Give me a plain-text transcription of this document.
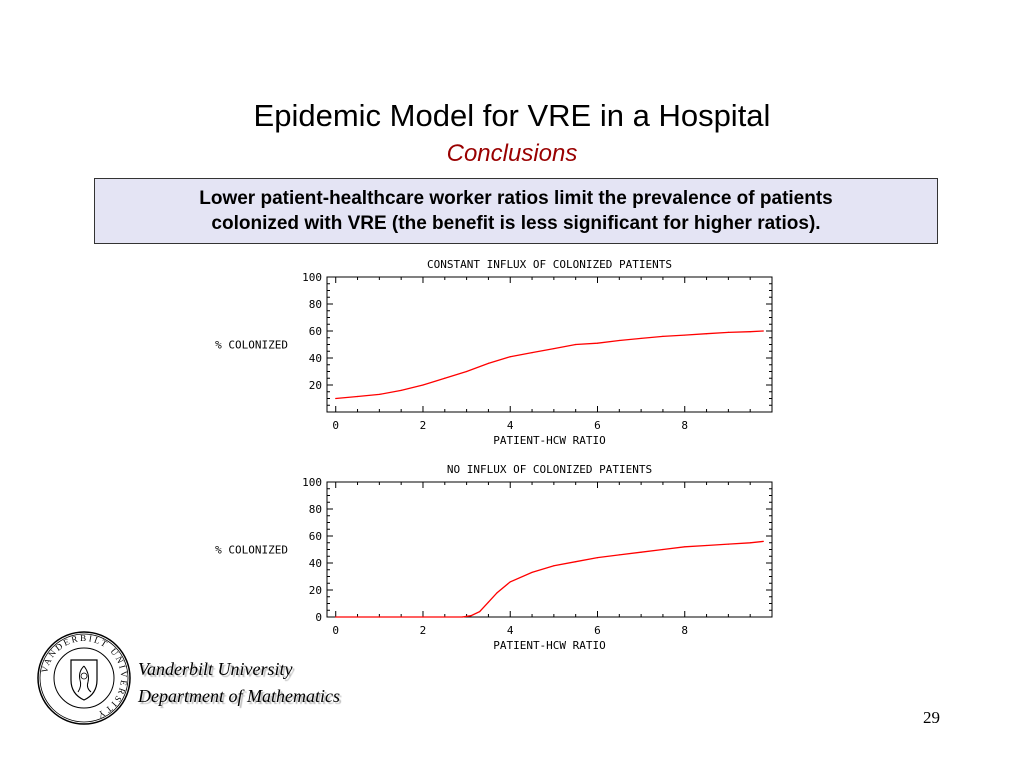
Epidemic Model for VRE in a Hospital
Conclusions
Lower patient-healthcare worker ratios limit the prevalence of patients
colonized with VRE (the benefit is less significant for higher ratios).
CONSTANT INFLUX OF COLONIZED PATIENTS
% COLONIZED
PATIENT-HCW RATIO
0	2	4	6	8
20
40
60
80
100
NO INFLUX OF COLONIZED PATIENTS
% COLONIZED
PATIENT-HCW RATIO
0	2	4	6	8
0
20
40
60
80
100
VANDERBILT UNIVERSITY
Vanderbilt University
Department of Mathematics
29
